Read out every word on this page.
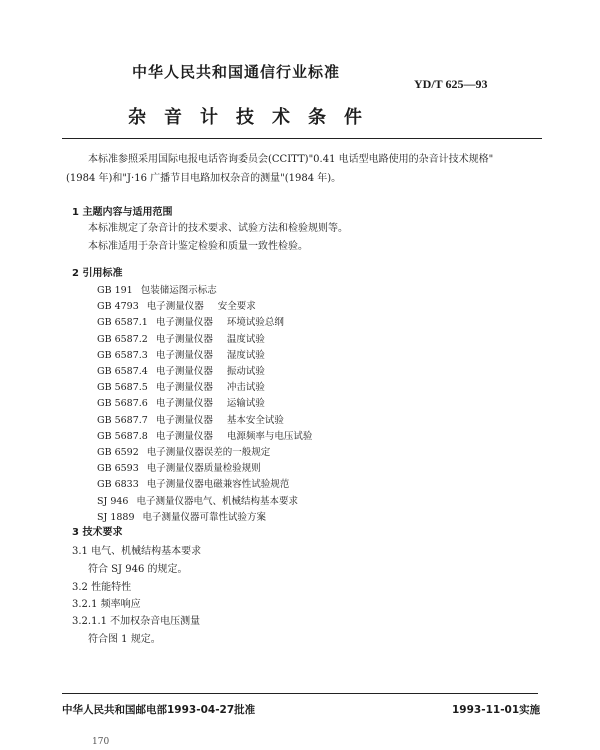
中华人民共和国通信行业标准
YD/T 625—93
杂音计技术条件
本标准参照采用国际电报电话咨询委员会(CCITT)"0.41 电话型电路使用的杂音计技术规格"
(1984 年)和"J·16 广播节目电路加权杂音的测量"(1984 年)。
1 主题内容与适用范围
本标准规定了杂音计的技术要求、试验方法和检验规则等。
本标准适用于杂音计鉴定检验和质量一致性检验。
2 引用标准
GB 191 包装储运图示标志
GB 4793 电子测量仪器 安全要求
GB 6587.1 电子测量仪器 环境试验总纲
GB 6587.2 电子测量仪器 温度试验
GB 6587.3 电子测量仪器 湿度试验
GB 6587.4 电子测量仪器 振动试验
GB 5687.5 电子测量仪器 冲击试验
GB 5687.6 电子测量仪器 运输试验
GB 5687.7 电子测量仪器 基本安全试验
GB 5687.8 电子测量仪器 电源频率与电压试验
GB 6592 电子测量仪器误差的一般规定
GB 6593 电子测量仪器质量检验规则
GB 6833 电子测量仪器电磁兼容性试验规范
SJ 946 电子测量仪器电气、机械结构基本要求
SJ 1889 电子测量仪器可靠性试验方案
3 技术要求
3.1 电气、机械结构基本要求
符合 SJ 946 的规定。
3.2 性能特性
3.2.1 频率响应
3.2.1.1 不加权杂音电压测量
符合图 1 规定。
中华人民共和国邮电部1993-04-27批准	1993-11-01实施
170
